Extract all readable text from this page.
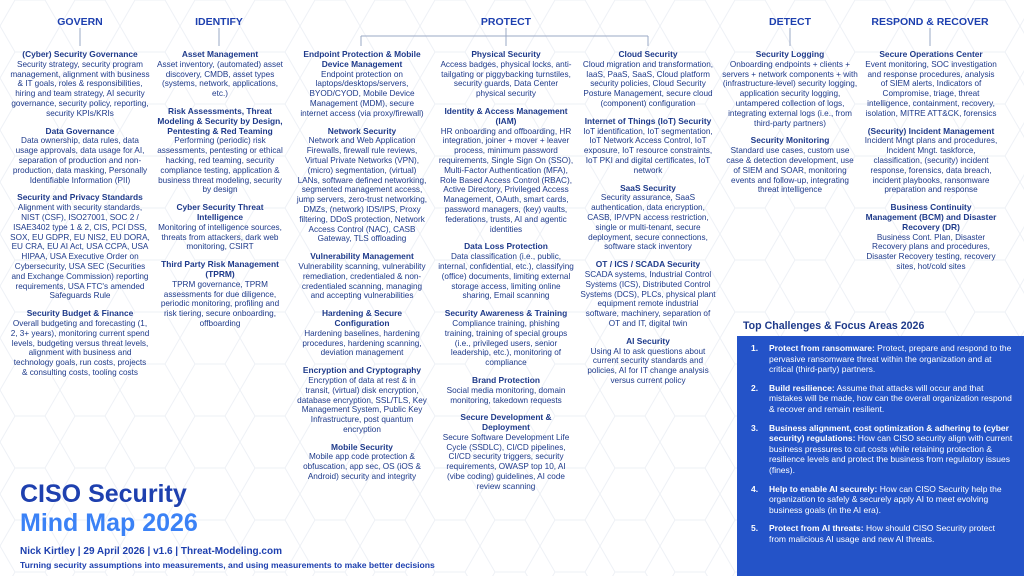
GOVERN	IDENTIFY	PROTECT	DETECT	RESPOND & RECOVER
(Cyber) Security Governance

Security strategy, security program management, alignment with business & IT goals, roles & responsibilities, hiring and team strategy, AI security governance, security policy, reporting, security KPIs/KRIs

Data Governance

Data ownership, data rules, data usage approvals, data usage for AI, separation of production and non-production, data masking, Personally Identifiable Information (PII)

Security and Privacy Standards

Alignment with security standards, NIST (CSF), ISO27001, SOC 2 / ISAE3402 type 1 & 2, CIS, PCI DSS, SOX, EU GDPR, EU NIS2, EU DORA, EU CRA, EU AI Act, USA CCPA, USA HIPAA, USA Executive Order on Cybersecurity, USA SEC (Securities and Exchange Commission) reporting requirements, USA FTC's amended Safeguards Rule

Security Budget & Finance

Overall budgeting and forecasting (1, 2, 3+ years), monitoring current spend levels, budgeting versus threat levels, alignment with business and technology goals, run costs, projects & consulting costs, tooling costs

Asset Management

Asset inventory, (automated) asset discovery, CMDB, asset types (systems, network, applications, etc.)

Risk Assessments, Threat Modeling & Security by Design, Pentesting & Red Teaming

Performing (periodic) risk assessments, pentesting or ethical hacking, red teaming, security compliance testing, application & business threat modeling, security by design

Cyber Security Threat Intelligence

Monitoring of intelligence sources, threats from attackers, dark web monitoring, CSIRT

Third Party Risk Management (TPRM)

TPRM governance, TPRM assessments for due diligence, periodic monitoring, profiling and risk tiering, secure onboarding, offboarding

Endpoint Protection & Mobile Device Management

Endpoint protection on laptops/desktops/servers, BYOD/CYOD, Mobile Device Management (MDM), secure internet access (via proxy/firewall)

Network Security

Network and Web Application Firewalls, firewall rule reviews, Virtual Private Networks (VPN), (micro) segmentation, (virtual) LANs, software defined networking, segmented management access, jump servers, zero-trust networking, DMZs, (network) IDS/IPS, Proxy filtering, DDoS protection, Network Access Control (NAC), CASB Gateway, TLS offloading

Vulnerability Management

Vulnerability scanning, vulnerability remediation, credentialed & non-credentialed scanning, managing and accepting vulnerabilities

Hardening & Secure Configuration

Hardening baselines, hardening procedures, hardening scanning, deviation management

Encryption and Cryptography

Encryption of data at rest & in transit, (virtual) disk encryption, database encryption, SSL/TLS, Key Management System, Public Key Infrastructure, post quantum encryption

Mobile Security

Mobile app code protection & obfuscation, app sec, OS (iOS & Android) security and integrity

Physical Security

Access badges, physical locks, anti-tailgating or piggybacking turnstiles, security guards, Data Center physical security

Identity & Access Management (IAM)

HR onboarding and offboarding, HR integration, joiner + mover + leaver process, minimum password requirements, Single Sign On (SSO), Multi-Factor Authentication (MFA), Role Based Access Control (RBAC), Active Directory, Privileged Access Management, OAuth, smart cards, password managers, (key) vaults, federations, trusts, AI and agentic identities

Data Loss Protection

Data classification (i.e., public, internal, confidential, etc.), classifying (office) documents, limiting external storage access, limiting online sharing, Email scanning

Security Awareness & Training

Compliance training, phishing training, training of special groups (i.e., privileged users, senior leadership, etc.), monitoring of compliance

Brand Protection

Social media monitoring, domain monitoring, takedown requests

Secure Development & Deployment

Secure Software Development Life Cycle (SSDLC), CI/CD pipelines, CI/CD security triggers, security requirements, OWASP top 10, AI (vibe coding) guidelines, AI code review scanning

Cloud Security

Cloud migration and transformation, IaaS, PaaS, SaaS, Cloud platform security policies, Cloud Security Posture Management, secure cloud (component) configuration

Internet of Things (IoT) Security

IoT identification, IoT segmentation, IoT Network Access Control, IoT exposure, IoT resource constraints, IoT PKI and digital certificates, IoT network

SaaS Security

Security assurance, SaaS authentication, data encryption, CASB, IP/VPN access restriction, single or multi-tenant, secure deployment, secure connections, software stack inventory

OT / ICS / SCADA Security

SCADA systems, Industrial Control Systems (ICS), Distributed Control Systems (DCS), PLCs, physical plant equipment remote industrial software, machinery, separation of OT and IT, digital twin

AI Security

Using AI to ask questions about current security standards and policies, AI for IT change analysis versus current policy

Security Logging

Onboarding endpoints + clients + servers + network components + with (infrastructure-level) security logging, application security logging, untampered collection of logs, integrating external logs (i.e., from third-party partners)

Security Monitoring

Standard use cases, custom use case & detection development, use of SIEM and SOAR, monitoring events and follow-up, integrating threat intelligence

Secure Operations Center

Event monitoring, SOC investigation and response procedures, analysis of SIEM alerts, Indicators of Compromise, triage, threat intelligence, containment, recovery, isolation, MITRE ATT&CK, forensics

(Security) Incident Management

Incident Mngt plans and procedures, Incident Mngt. taskforce, classification, (security) incident response, forensics, data breach, incident playbooks, ransomware preparation and response

Business Continuity Management (BCM) and Disaster Recovery (DR)

Business Cont. Plan, Disaster Recovery plans and procedures, Disaster Recovery testing, recovery sites, hot/cold sites

Top Challenges & Focus Areas 2026
1.	Protect from ransomware: Protect, prepare and respond to the pervasive ransomware threat within the organization and at critical (third-party) partners.
2.	Build resilience: Assume that attacks will occur and that mistakes will be made, how can the overall organization respond & recover and remain resilient.
3.	Business alignment, cost optimization & adhering to (cyber security) regulations: How can CISO security align with current business pressures to cut costs while retaining protection & resilience levels and protect the business from regulatory issues (fines).
4.	Help to enable AI securely: How can CISO Security help the organization to safely & securely apply AI to meet evolving business goals (in the AI era).
5.	Protect from AI threats: How should CISO Security protect from malicious AI usage and new AI threats.
CISO Security
Mind Map 2026
Nick Kirtley | 29 April 2026 | v1.6 | Threat-Modeling.com
Turning security assumptions into measurements, and using measurements to make better decisions
